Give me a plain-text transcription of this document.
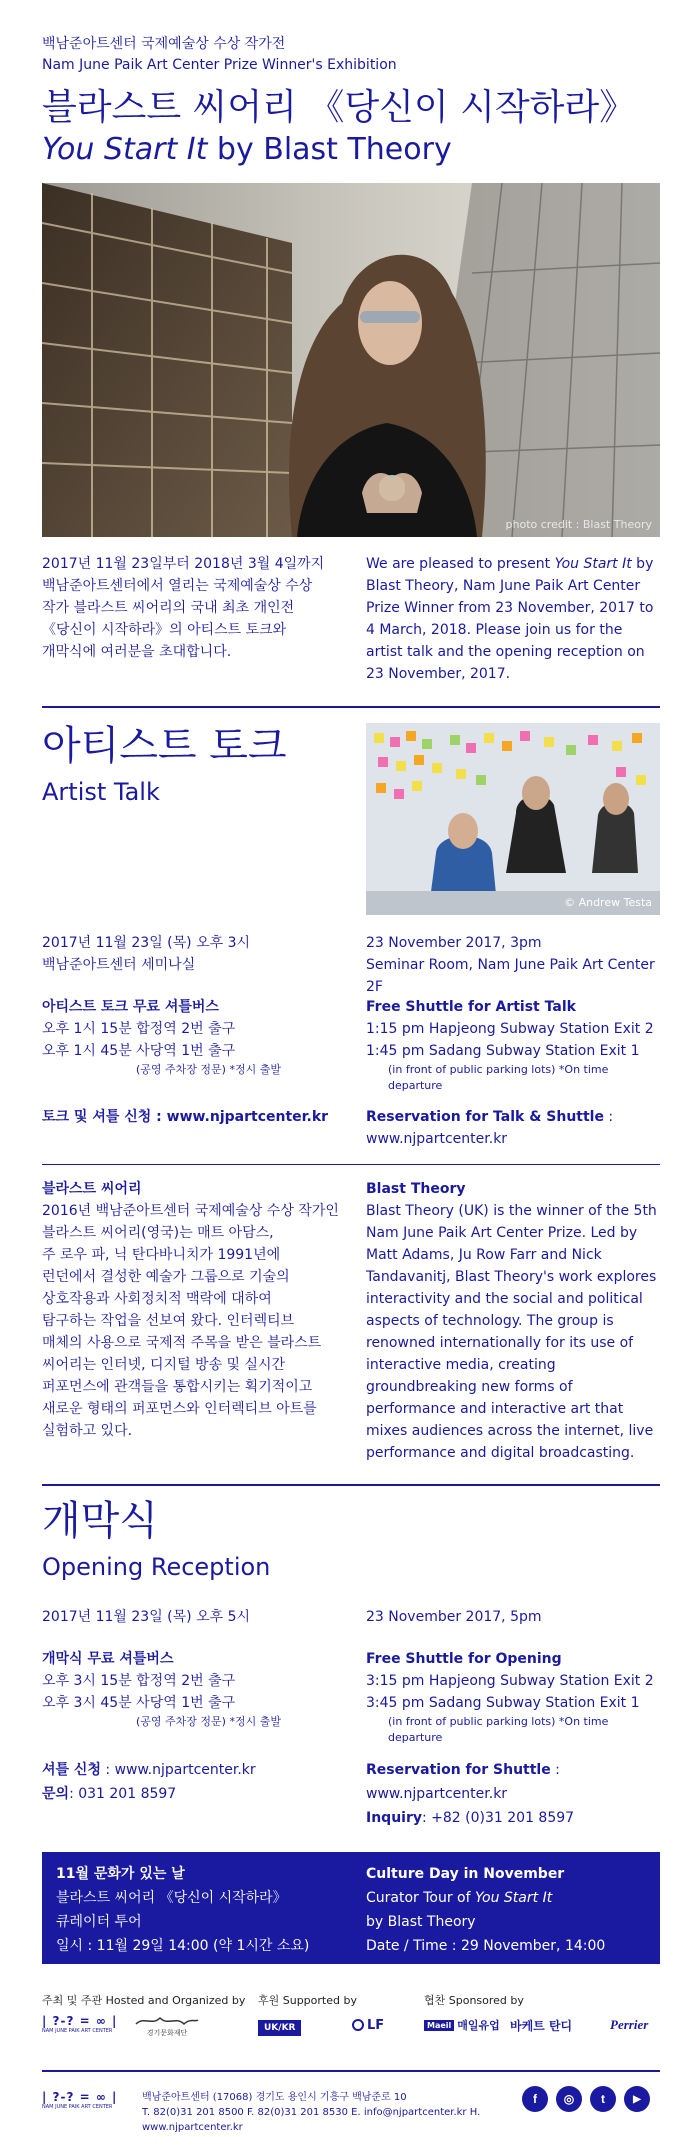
백남준아트센터 국제예술상 수상 작가전
Nam June Paik Art Center Prize Winner's Exhibition
블라스트 씨어리 《당신이 시작하라》
You Start It by Blast Theory
photo credit : Blast Theory
2017년 11월 23일부터 2018년 3월 4일까지
백남준아트센터에서 열리는 국제예술상 수상
작가 블라스트 씨어리의 국내 최초 개인전
《당신이 시작하라》의 아티스트 토크와
개막식에 여러분을 초대합니다.
We are pleased to present You Start It by Blast Theory, Nam June Paik Art Center Prize Winner from 23 November, 2017 to 4 March, 2018. Please join us for the artist talk and the opening reception on 23 November, 2017.
아티스트 토크
Artist Talk
© Andrew Testa
2017년 11월 23일 (목) 오후 3시
백남준아트센터 세미나실
23 November 2017, 3pm
Seminar Room, Nam June Paik Art Center 2F
아티스트 토크 무료 셔틀버스
오후 1시 15분 합정역 2번 출구
오후 1시 45분 사당역 1번 출구
(공영 주차장 정문) *정시 출발
Free Shuttle for Artist Talk
1:15 pm Hapjeong Subway Station Exit 2
1:45 pm Sadang Subway Station Exit 1
(in front of public parking lots) *On time departure
토크 및 셔틀 신청 : www.njpartcenter.kr	Reservation for Talk & Shuttle :
www.njpartcenter.kr
블라스트 씨어리
2016년 백남준아트센터 국제예술상 수상 작가인
블라스트 씨어리(영국)는 매트 아담스,
주 로우 파, 닉 탄다바니치가 1991년에
런던에서 결성한 예술가 그룹으로 기술의
상호작용과 사회정치적 맥락에 대하여
탐구하는 작업을 선보여 왔다. 인터렉티브
매체의 사용으로 국제적 주목을 받은 블라스트
씨어리는 인터넷, 디지털 방송 및 실시간
퍼포먼스에 관객들을 통합시키는 획기적이고
새로운 형태의 퍼포먼스와 인터렉티브 아트를
실험하고 있다.
Blast Theory
Blast Theory (UK) is the winner of the 5th Nam June Paik Art Center Prize. Led by Matt Adams, Ju Row Farr and Nick Tandavanitj, Blast Theory's work explores interactivity and the social and political aspects of technology. The group is renowned internationally for its use of interactive media, creating groundbreaking new forms of performance and interactive art that mixes audiences across the internet, live performance and digital broadcasting.
개막식
Opening Reception
2017년 11월 23일 (목) 오후 5시	23 November 2017, 5pm
개막식 무료 셔틀버스
오후 3시 15분 합정역 2번 출구
오후 3시 45분 사당역 1번 출구
(공영 주차장 정문) *정시 출발
Free Shuttle for Opening
3:15 pm Hapjeong Subway Station Exit 2
3:45 pm Sadang Subway Station Exit 1
(in front of public parking lots) *On time departure
셔틀 신청 : www.njpartcenter.kr
문의: 031 201 8597
Reservation for Shuttle : www.njpartcenter.kr
Inquiry: +82 (0)31 201 8597
11월 문화가 있는 날
블라스트 씨어리 《당신이 시작하라》
큐레이터 투어
일시 : 11월 29일 14:00 (약 1시간 소요)
Culture Day in November
Curator Tour of You Start It
by Blast Theory
Date / Time : 29 November, 14:00
주최 및 주관 Hosted and Organized by 후원 Supported by	협찬 Sponsored by
| ?-? = ∞ |
NAM JUNE PAIK ART CENTER	경기문화재단	UK/KR	LF	Maeil 매일유업 바케트 탄디	Perrier
| ?-? = ∞ |
NAM JUNE PAIK ART CENTER
백남준아트센터 (17068) 경기도 용인시 기흥구 백남준로 10
T. 82(0)31 201 8500 F. 82(0)31 201 8530 E. info@njpartcenter.kr H. www.njpartcenter.kr
f	◎	t	▶
